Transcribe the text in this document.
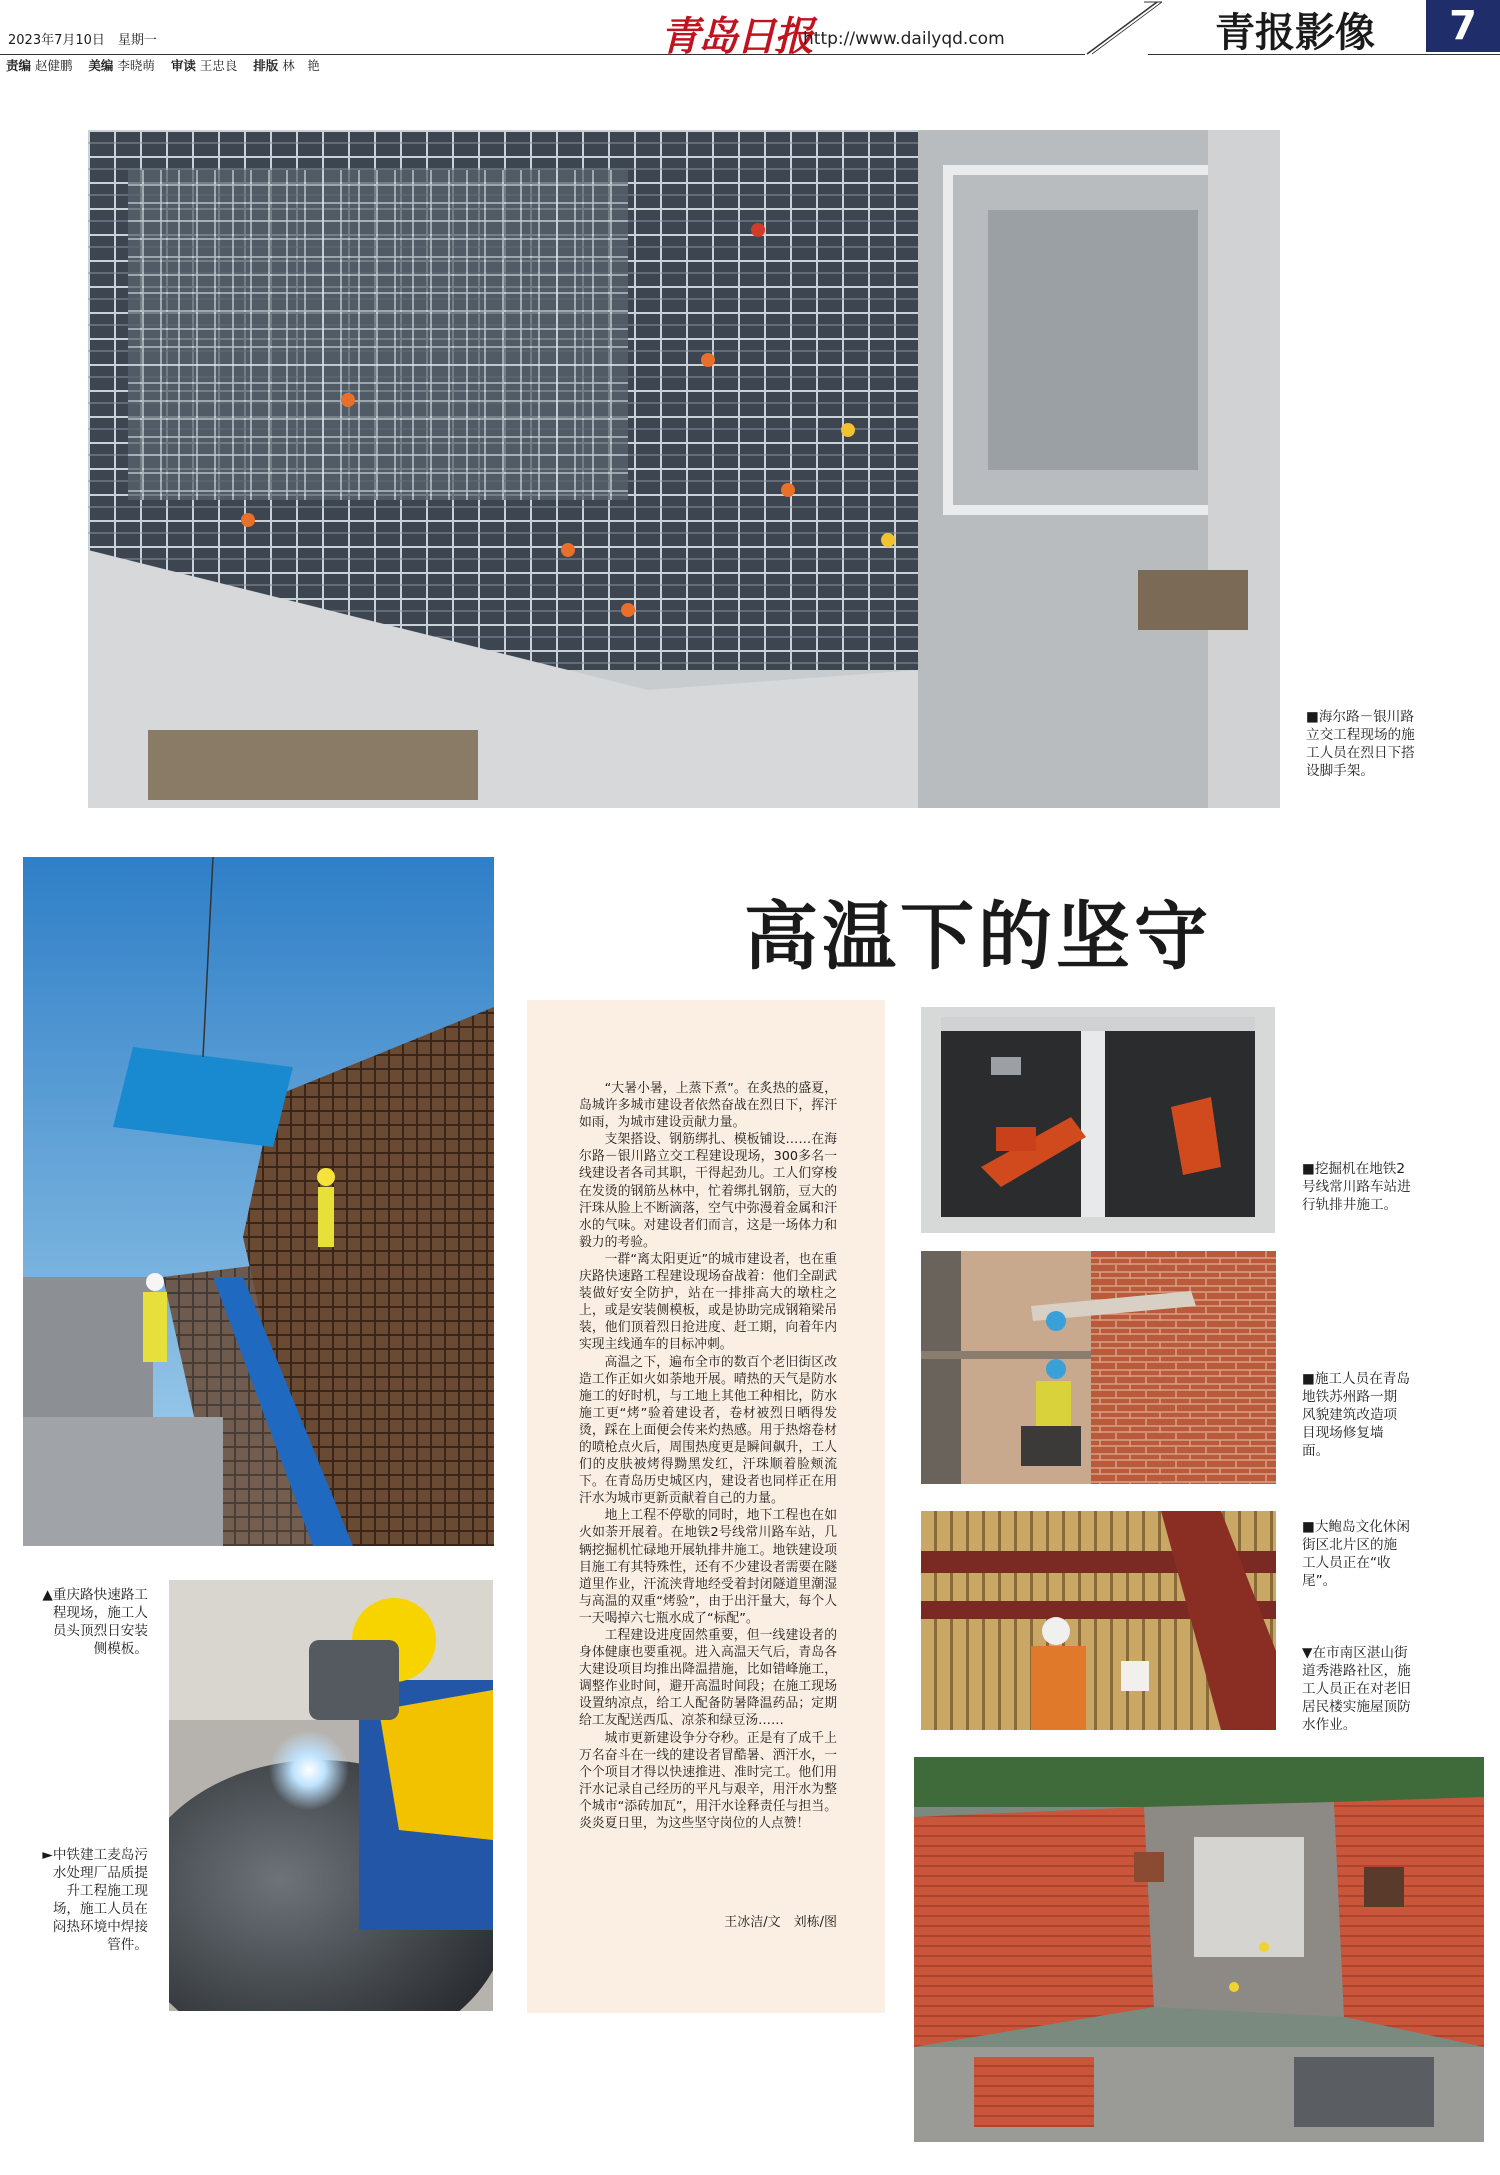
2023年7月10日　星期一
责编 赵健鹏 美编 李晓萌 审读 王忠良 排版 林　艳
青岛日报
http://www.dailyqd.com	青报影像	7
■海尔路－银川路立交工程现场的施工人员在烈日下搭设脚手架。
高温下的坚守
▲重庆路快速路工程现场，施工人员头顶烈日安装侧模板。
►中铁建工麦岛污水处理厂品质提升工程施工现场，施工人员在闷热环境中焊接管件。

“大暑小暑，上蒸下煮”。在炙热的盛夏，岛城许多城市建设者依然奋战在烈日下，挥汗如雨，为城市建设贡献力量。

支架搭设、钢筋绑扎、模板铺设……在海尔路－银川路立交工程建设现场，300多名一线建设者各司其职，干得起劲儿。工人们穿梭在发烫的钢筋丛林中，忙着绑扎钢筋，豆大的汗珠从脸上不断滴落，空气中弥漫着金属和汗水的气味。对建设者们而言，这是一场体力和毅力的考验。

一群“离太阳更近”的城市建设者，也在重庆路快速路工程建设现场奋战着：他们全副武装做好安全防护，站在一排排高大的墩柱之上，或是安装侧模板，或是协助完成钢箱梁吊装，他们顶着烈日抢进度、赶工期，向着年内实现主线通车的目标冲刺。

高温之下，遍布全市的数百个老旧街区改造工作正如火如荼地开展。晴热的天气是防水施工的好时机，与工地上其他工种相比，防水施工更“烤”验着建设者，卷材被烈日晒得发烫，踩在上面便会传来灼热感。用于热熔卷材的喷枪点火后，周围热度更是瞬间飙升，工人们的皮肤被烤得黝黑发红，汗珠顺着脸颊流下。在青岛历史城区内，建设者也同样正在用汗水为城市更新贡献着自己的力量。

地上工程不停歇的同时，地下工程也在如火如荼开展着。在地铁2号线常川路车站，几辆挖掘机忙碌地开展轨排井施工。地铁建设项目施工有其特殊性，还有不少建设者需要在隧道里作业，汗流浃背地经受着封闭隧道里潮湿与高温的双重“烤验”，由于出汗量大，每个人一天喝掉六七瓶水成了“标配”。

工程建设进度固然重要，但一线建设者的身体健康也要重视。进入高温天气后，青岛各大建设项目均推出降温措施，比如错峰施工，调整作业时间，避开高温时间段；在施工现场设置纳凉点，给工人配备防暑降温药品；定期给工友配送西瓜、凉茶和绿豆汤……

城市更新建设争分夺秒。正是有了成千上万名奋斗在一线的建设者冒酷暑、洒汗水，一个个项目才得以快速推进、准时完工。他们用汗水记录自己经历的平凡与艰辛，用汗水为整个城市“添砖加瓦”，用汗水诠释责任与担当。炎炎夏日里，为这些坚守岗位的人点赞！

王冰洁/文　刘栋/图
■挖掘机在地铁2号线常川路车站进行轨排井施工。
■施工人员在青岛地铁苏州路一期风貌建筑改造项目现场修复墙面。
■大鲍岛文化休闲街区北片区的施工人员正在“收尾”。
▼在市南区湛山街道秀港路社区，施工人员正在对老旧居民楼实施屋顶防水作业。
